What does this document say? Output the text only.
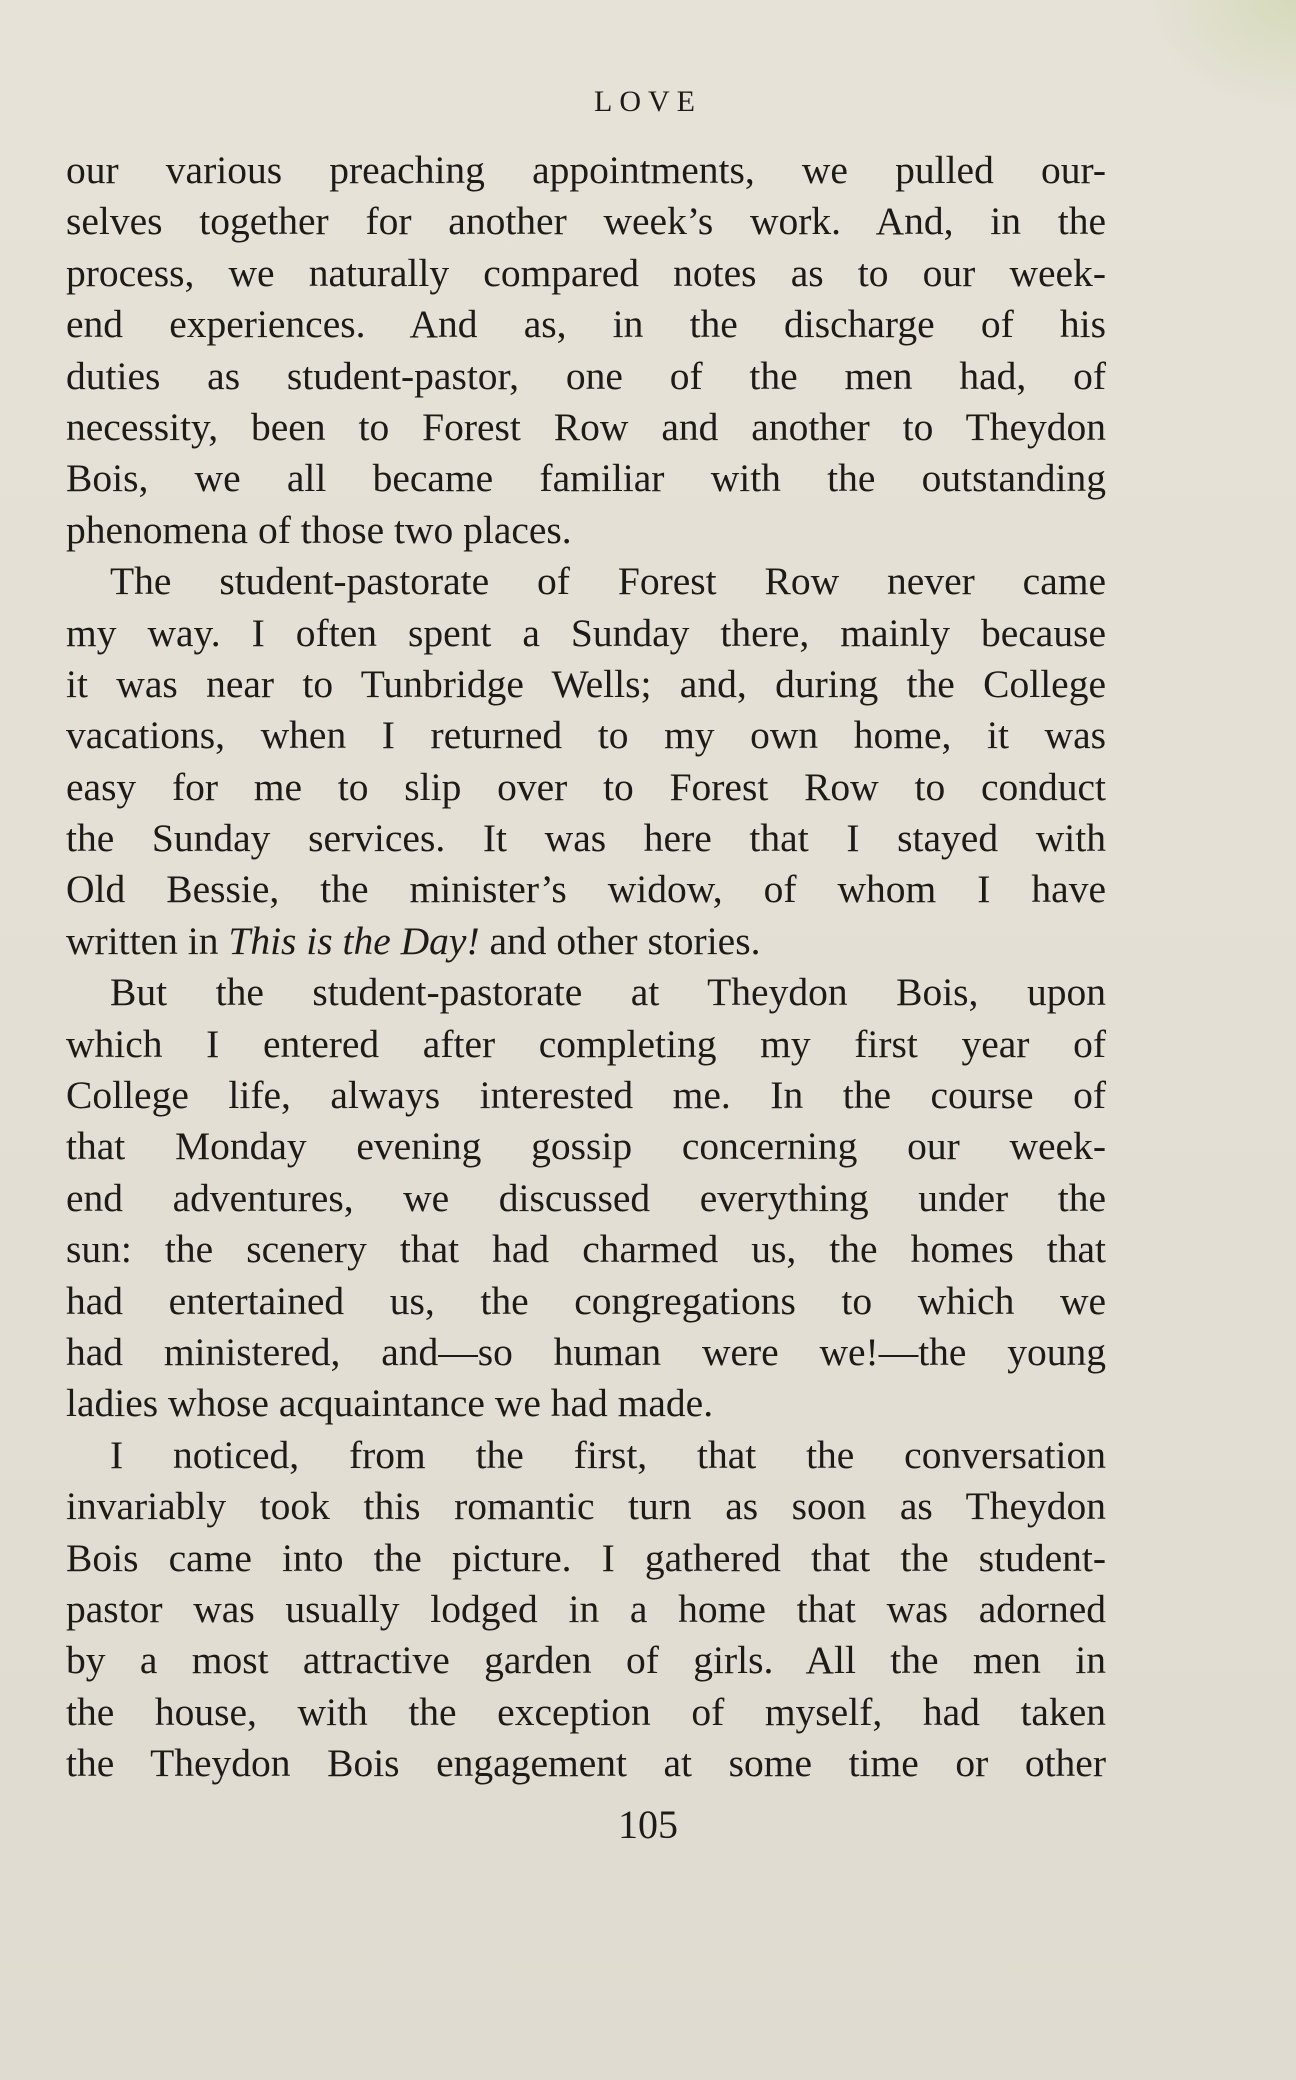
LOVE
our various preaching appointments, we pulled our-
selves together for another week’s work. And, in the
process, we naturally compared notes as to our week-
end experiences. And as, in the discharge of his
duties as student-pastor, one of the men had, of
necessity, been to Forest Row and another to Theydon
Bois, we all became familiar with the outstanding
phenomena of those two places.
The student-pastorate of Forest Row never came
my way. I often spent a Sunday there, mainly because
it was near to Tunbridge Wells; and, during the College
vacations, when I returned to my own home, it was
easy for me to slip over to Forest Row to conduct
the Sunday services. It was here that I stayed with
Old Bessie, the minister’s widow, of whom I have
written in This is the Day! and other stories.
But the student-pastorate at Theydon Bois, upon
which I entered after completing my first year of
College life, always interested me. In the course of
that Monday evening gossip concerning our week-
end adventures, we discussed everything under the
sun: the scenery that had charmed us, the homes that
had entertained us, the congregations to which we
had ministered, and—so human were we!—the young
ladies whose acquaintance we had made.
I noticed, from the first, that the conversation
invariably took this romantic turn as soon as Theydon
Bois came into the picture. I gathered that the student-
pastor was usually lodged in a home that was adorned
by a most attractive garden of girls. All the men in
the house, with the exception of myself, had taken
the Theydon Bois engagement at some time or other
105
